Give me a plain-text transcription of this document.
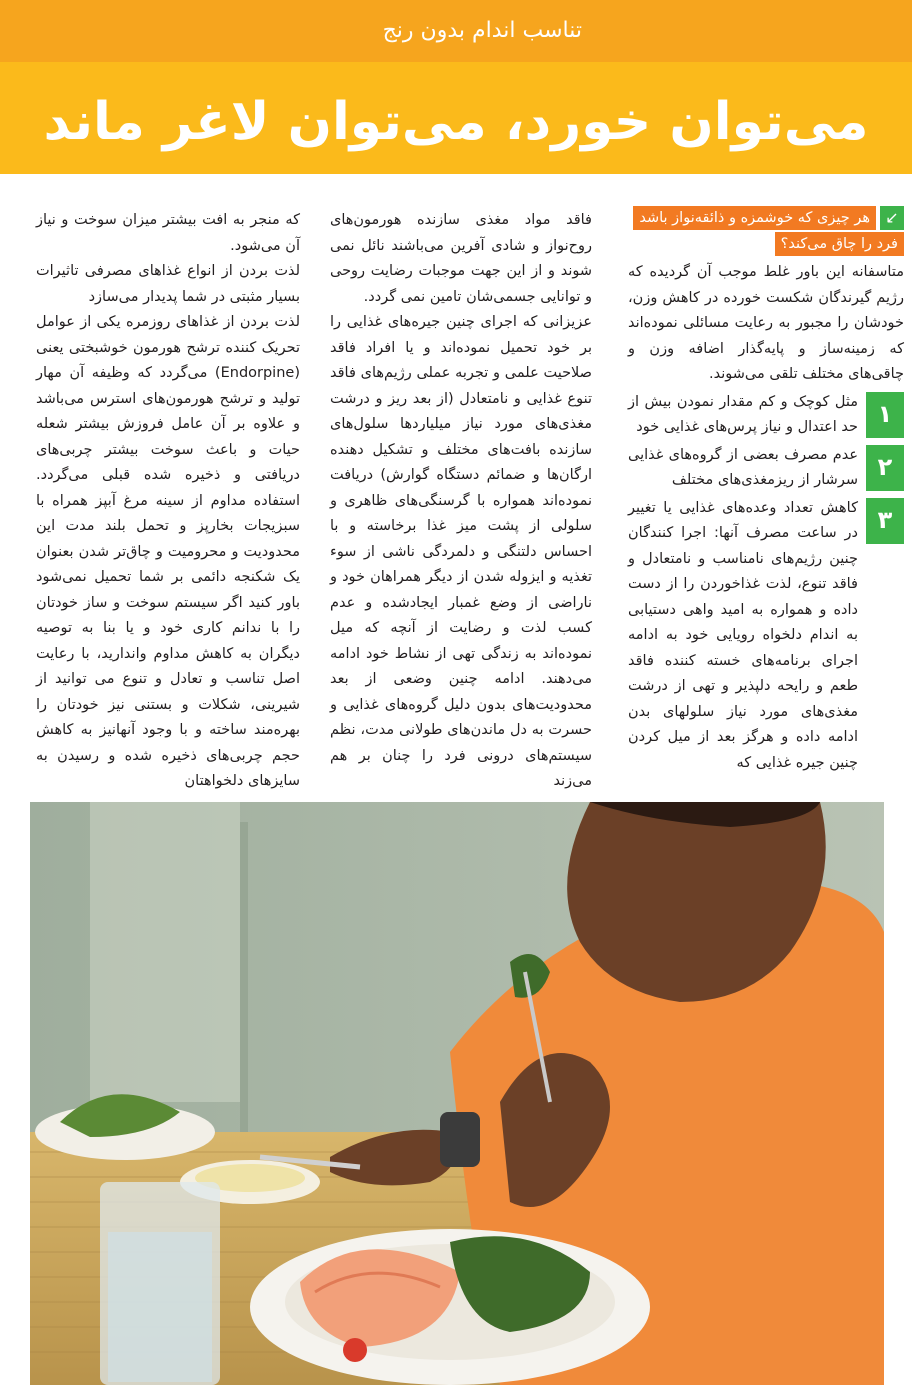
تناسب اندام بدون رنج
می‌توان خورد، می‌توان لاغر ماند
↙
هر چیزی که خوشمزه و ذائقه‌نواز باشد
فرد را چاق می‌کند؟

متاسفانه این باور غلط موجب آن گردیده که رژیم گیرندگان شکست خورده در کاهش وزن، خودشان را مجبور به رعایت مسائلی نموده‌اند که زمینه‌ساز و پایه‌گذار اضافه وزن و چاقی‌های مختلف تلقی می‌شوند.

۱

مثل کوچک و کم مقدار نمودن بیش از حد اعتدال و نیاز پرس‌های غذایی خود

۲

عدم مصرف بعضی از گروه‌های غذایی سرشار از ریزمغذی‌های مختلف

۳

کاهش تعداد وعده‌های غذایی یا تغییر در ساعت مصرف آنها: اجرا کنندگان چنین رژیم‌های نامناسب و نامتعادل و فاقد تنوع، لذت غذاخوردن را از دست داده و همواره به امید واهی دستیابی به اندام دلخواه رویایی خود به ادامه اجرای برنامه‌های خسته کننده فاقد طعم و رایحه دلپذیر و تهی از درشت مغذی‌های مورد نیاز سلولهای بدن ادامه داده و هرگز بعد از میل کردن چنین جیره غذایی که

فاقد مواد مغذی سازنده هورمون‌های روح‌نواز و شادی آفرین می‌باشند نائل نمی شوند و از این جهت موجبات رضایت روحی و توانایی جسمی‌شان تامین نمی گردد.

عزیزانی که اجرای چنین جیره‌های غذایی را بر خود تحمیل نموده‌اند و یا افراد فاقد صلاحیت علمی و تجربه عملی رژیم‌های فاقد تنوع غذایی و نامتعادل (از بعد ریز و درشت مغذی‌های مورد نیاز میلیاردها سلول‌های سازنده بافت‌های مختلف و تشکیل دهنده ارگان‌ها و ضمائم دستگاه گوارش) دریافت نموده‌اند همواره با گرسنگی‌های ظاهری و سلولی از پشت میز غذا برخاسته و با احساس دلتنگی و دلمردگی ناشی از سوء تغذیه و ایزوله شدن از دیگر همراهان خود و ناراضی از وضع غمبار ایجادشده و عدم کسب لذت و رضایت از آنچه که میل نموده‌اند به زندگی تهی از نشاط خود ادامه می‌دهند. ادامه چنین وضعی از بعد محدودیت‌های بدون دلیل گروه‌های غذایی و حسرت به دل ماندن‌های طولانی مدت، نظم سیستم‌های درونی فرد را چنان بر هم می‌زند

که منجر به افت بیشتر میزان سوخت و نیاز آن می‌شود.

لذت بردن از انواع غذاهای مصرفی تاثیرات بسیار مثبتی در شما پدیدار می‌سازد

لذت بردن از غذاهای روزمره یکی از عوامل تحریک کننده ترشح هورمون خوشبختی یعنی (Endorpine) می‌گردد که وظیفه آن مهار تولید و ترشح هورمون‌های استرس می‌باشد و علاوه بر آن عامل فروزش بیشتر شعله حیات و باعث سوخت بیشتر چربی‌های دریافتی و ذخیره شده قبلی می‌گردد. استفاده مداوم از سینه مرغ آبپز همراه با سبزیجات بخارپز و تحمل بلند مدت این محدودیت و محرومیت و چاق‌تر شدن بعنوان یک شکنجه دائمی بر شما تحمیل نمی‌شود باور کنید اگر سیستم سوخت و ساز خودتان را با ندانم کاری خود و یا بنا به توصیه دیگران به کاهش مداوم واندارید، با رعایت اصل تناسب و تعادل و تنوع می توانید از شیرینی، شکلات و بستنی نیز خودتان را بهره‌مند ساخته و با وجود آنهانیز به کاهش حجم چربی‌های ذخیره شده و رسیدن به سایزهای دلخواهتان
